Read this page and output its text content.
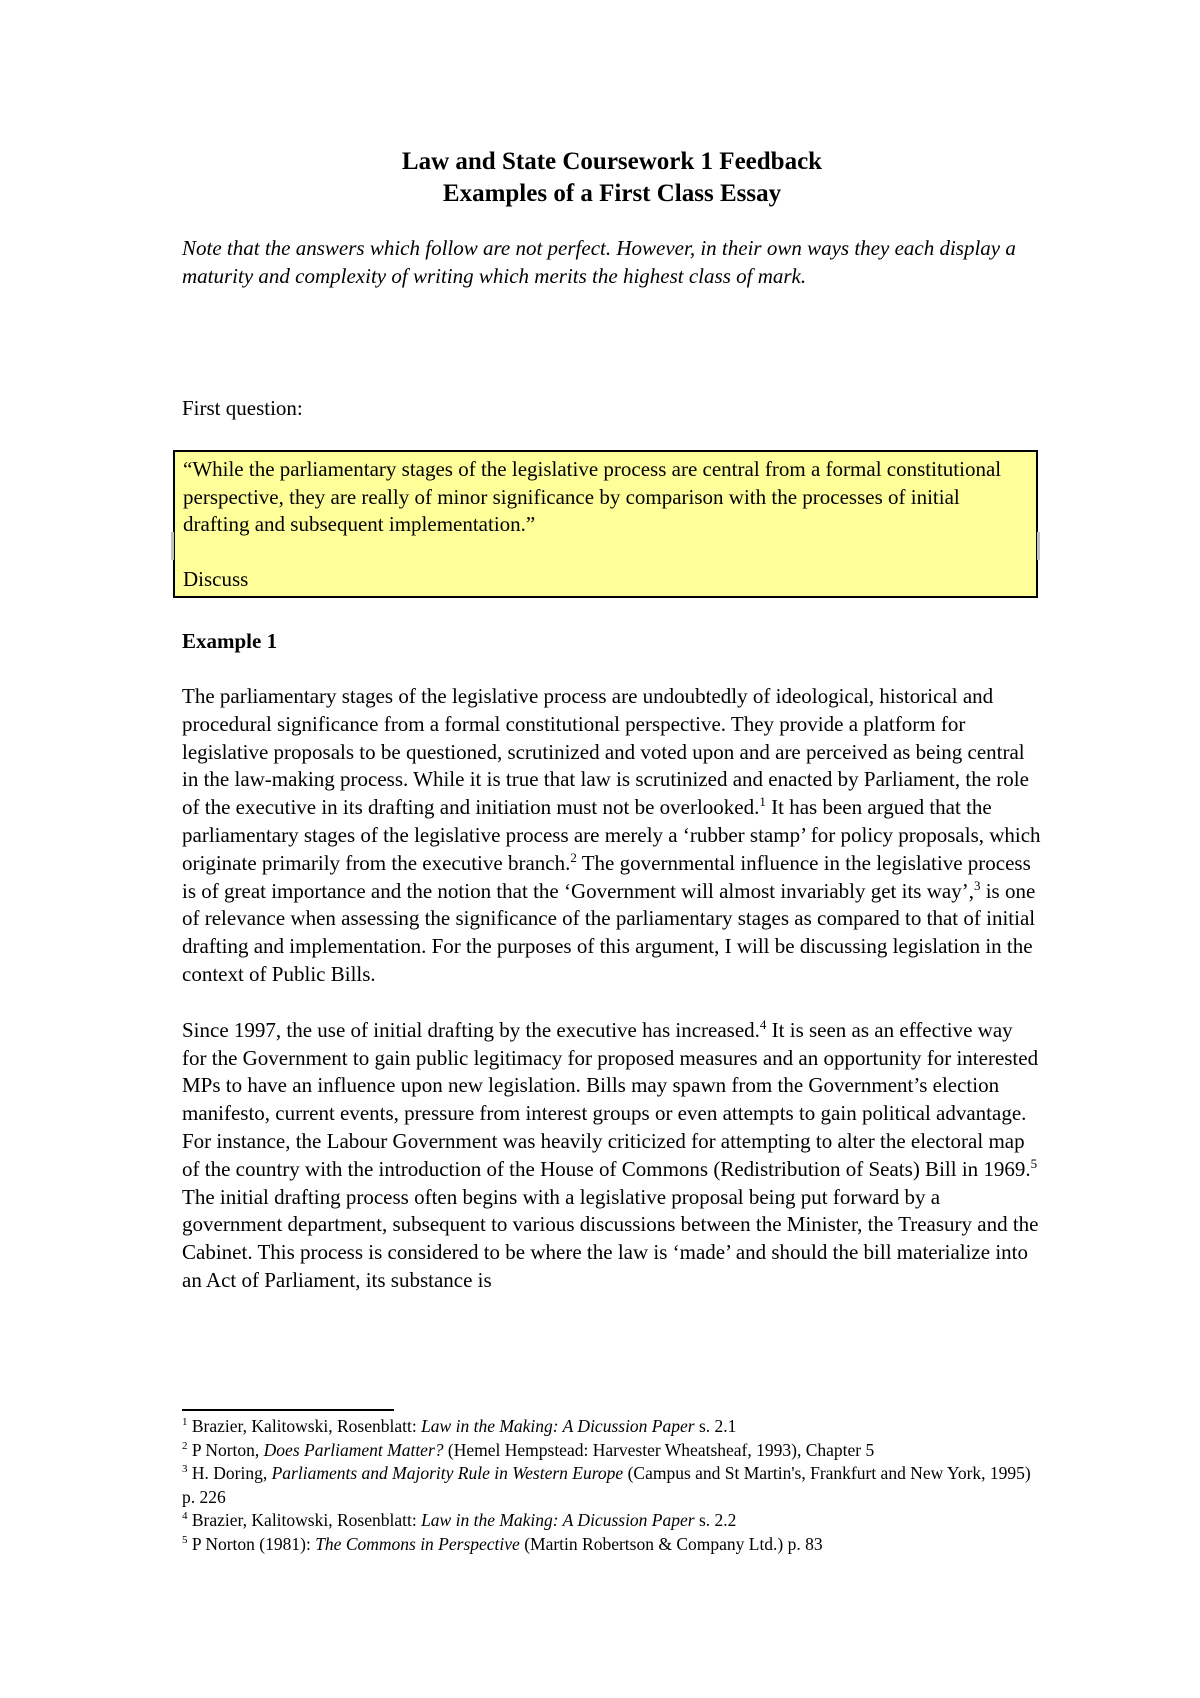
Law and State Coursework 1 Feedback

Examples of a First Class Essay

Note that the answers which follow are not perfect. However, in their own ways they each display a maturity and complexity of writing which merits the highest class of mark.

First question:

“While the parliamentary stages of the legislative process are central from a formal constitutional perspective, they are really of minor significance by comparison with the processes of initial drafting and subsequent implementation.”

Discuss

Example 1

The parliamentary stages of the legislative process are undoubtedly of ideological, historical and procedural significance from a formal constitutional perspective. They provide a platform for legislative proposals to be questioned, scrutinized and voted upon and are perceived as being central in the law-making process. While it is true that law is scrutinized and enacted by Parliament, the role of the executive in its drafting and initiation must not be overlooked.$^1$ It has been argued that the parliamentary stages of the legislative process are merely a ‘rubber stamp’ for policy proposals, which originate primarily from the executive branch.$^2$ The governmental influence in the legislative process is of great importance and the notion that the ‘Government will almost invariably get its way’,$^3$ is one of relevance when assessing the significance of the parliamentary stages as compared to that of initial drafting and implementation. For the purposes of this argument, I will be discussing legislation in the context of Public Bills.

Since 1997, the use of initial drafting by the executive has increased.$^4$ It is seen as an effective way for the Government to gain public legitimacy for proposed measures and an opportunity for interested MPs to have an influence upon new legislation. Bills may spawn from the Government’s election manifesto, current events, pressure from interest groups or even attempts to gain political advantage. For instance, the Labour Government was heavily criticized for attempting to alter the electoral map of the country with the introduction of the House of Commons (Redistribution of Seats) Bill in 1969.$^5$ The initial drafting process often begins with a legislative proposal being put forward by a government department, subsequent to various discussions between the Minister, the Treasury and the Cabinet. This process is considered to be where the law is ‘made’ and should the bill materialize into an Act of Parliament, its substance is

$^1$ Brazier, Kalitowski, Rosenblatt: Law in the Making: A Dicussion Paper s. 2.1

$^2$ P Norton, Does Parliament Matter? (Hemel Hempstead: Harvester Wheatsheaf, 1993), Chapter 5

$^3$ H. Doring, Parliaments and Majority Rule in Western Europe (Campus and St Martin's, Frankfurt and New York, 1995) p. 226

$^4$ Brazier, Kalitowski, Rosenblatt: Law in the Making: A Dicussion Paper s. 2.2

$^5$ P Norton (1981): The Commons in Perspective (Martin Robertson & Company Ltd.) p. 83
